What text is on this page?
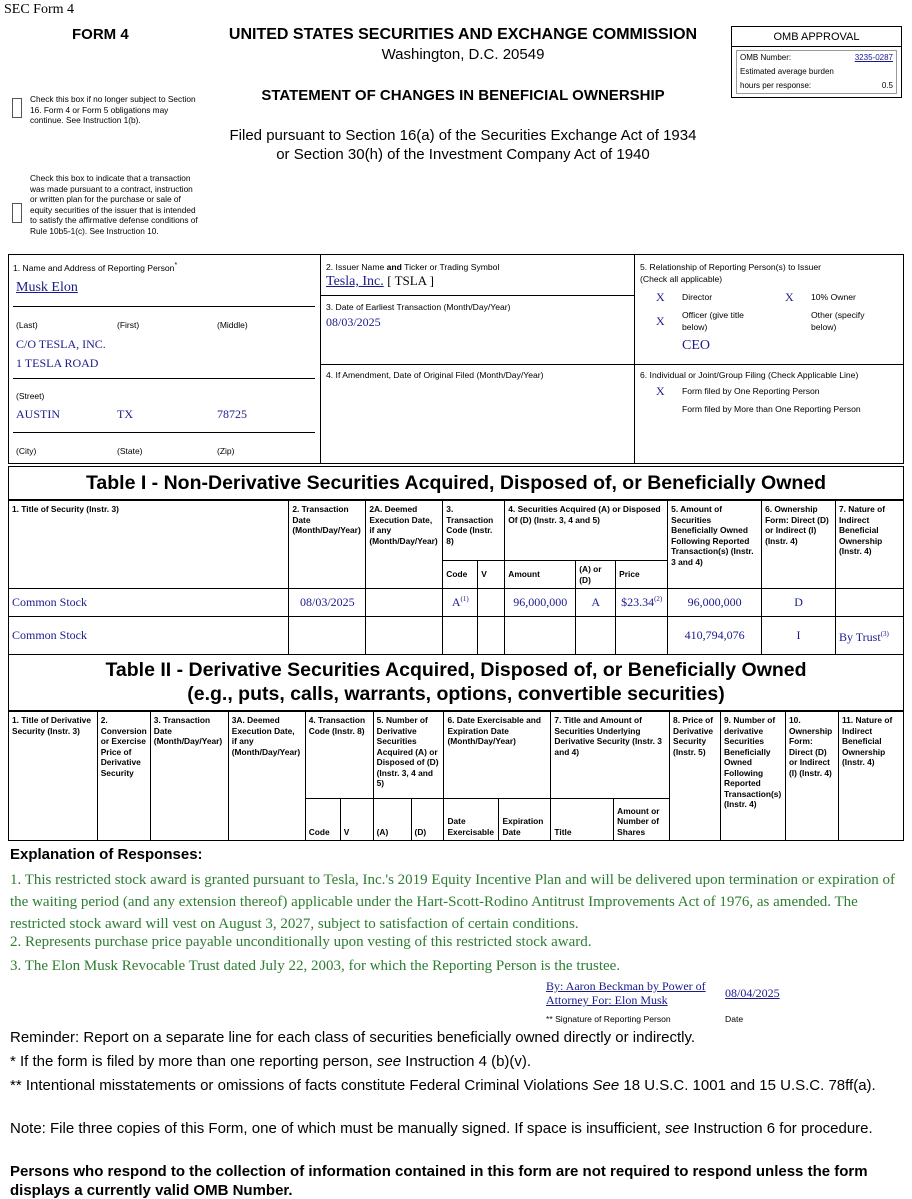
SEC Form 4
FORM 4	UNITED STATES SECURITIES AND EXCHANGE COMMISSION
Washington, D.C. 20549
STATEMENT OF CHANGES IN BENEFICIAL OWNERSHIP
Filed pursuant to Section 16(a) of the Securities Exchange Act of 1934
or Section 30(h) of the Investment Company Act of 1940
Check this box if no longer subject to Section 16. Form 4 or Form 5 obligations may continue. See Instruction 1(b).
Check this box to indicate that a transaction was made pursuant to a contract, instruction or written plan for the purchase or sale of equity securities of the issuer that is intended to satisfy the affirmative defense conditions of Rule 10b5-1(c). See Instruction 10.
OMB APPROVAL
OMB Number:	3235-0287
Estimated average burden
hours per response:	0.5
1. Name and Address of Reporting Person*
Musk Elon
(Last)	(First)	(Middle)
C/O TESLA, INC.
1 TESLA ROAD
(Street)
AUSTIN	TX	78725
(City)	(State)	(Zip)
2. Issuer Name and Ticker or Trading Symbol
Tesla, Inc. [ TSLA ]
3. Date of Earliest Transaction (Month/Day/Year)
08/03/2025
4. If Amendment, Date of Original Filed (Month/Day/Year)
5. Relationship of Reporting Person(s) to Issuer
(Check all applicable)
X Director	X 10% Owner
X Officer (give title below)
Other (specify below)
CEO
6. Individual or Joint/Group Filing (Check Applicable Line)
X Form filed by One Reporting Person
Form filed by More than One Reporting Person
Table I - Non-Derivative Securities Acquired, Disposed of, or Beneficially Owned
1. Title of Security (Instr. 3)	2. Transaction Date (Month/Day/Year)	2A. Deemed Execution Date, if any (Month/Day/Year)	3. Transaction Code (Instr. 8)		4. Securities Acquired (A) or Disposed Of (D) (Instr. 3, 4 and 5)			5. Amount of Securities Beneficially Owned Following Reported Transaction(s) (Instr. 3 and 4)	6. Ownership Form: Direct (D) or Indirect (I) (Instr. 4)	7. Nature of Indirect Beneficial Ownership (Instr. 4)
			Code	V	Amount	(A) or (D)	Price			
Common Stock	08/03/2025		$A^{(1)}$		96,000,000	A	$23.34$^{(2)}$	96,000,000	D	
Common Stock								410,794,076	I	By Trust$^{(3)}$
Table II - Derivative Securities Acquired, Disposed of, or Beneficially Owned
(e.g., puts, calls, warrants, options, convertible securities)
1. Title of Derivative Security (Instr. 3)	2. Conversion or Exercise Price of Derivative Security	3. Transaction Date (Month/Day/Year)	3A. Deemed Execution Date, if any (Month/Day/Year)	4. Transaction Code (Instr. 8)		5. Number of Derivative Securities Acquired (A) or Disposed of (D) (Instr. 3, 4 and 5)		6. Date Exercisable and Expiration Date (Month/Day/Year)		7. Title and Amount of Securities Underlying Derivative Security (Instr. 3 and 4)		8. Price of Derivative Security (Instr. 5)	9. Number of derivative Securities Beneficially Owned Following Reported Transaction(s) (Instr. 4)	10. Ownership Form: Direct (D) or Indirect (I) (Instr. 4)	11. Nature of Indirect Beneficial Ownership (Instr. 4)
				Code	V	(A)	(D)	Date Exercisable	Expiration Date	Title	Amount or Number of Shares				
Explanation of Responses:
1. This restricted stock award is granted pursuant to Tesla, Inc.'s 2019 Equity Incentive Plan and will be delivered upon termination or expiration of the waiting period (and any extension thereof) applicable under the Hart-Scott-Rodino Antitrust Improvements Act of 1976, as amended. The restricted stock award will vest on August 3, 2027, subject to satisfaction of certain conditions.
2. Represents purchase price payable unconditionally upon vesting of this restricted stock award.
3. The Elon Musk Revocable Trust dated July 22, 2003, for which the Reporting Person is the trustee.
By: Aaron Beckman by Power of
Attorney For: Elon Musk	08/04/2025
** Signature of Reporting Person	Date
Reminder: Report on a separate line for each class of securities beneficially owned directly or indirectly.
* If the form is filed by more than one reporting person, see Instruction 4 (b)(v).
** Intentional misstatements or omissions of facts constitute Federal Criminal Violations See 18 U.S.C. 1001 and 15 U.S.C. 78ff(a).
Note: File three copies of this Form, one of which must be manually signed. If space is insufficient, see Instruction 6 for procedure.
Persons who respond to the collection of information contained in this form are not required to respond unless the form displays a currently valid OMB Number.
